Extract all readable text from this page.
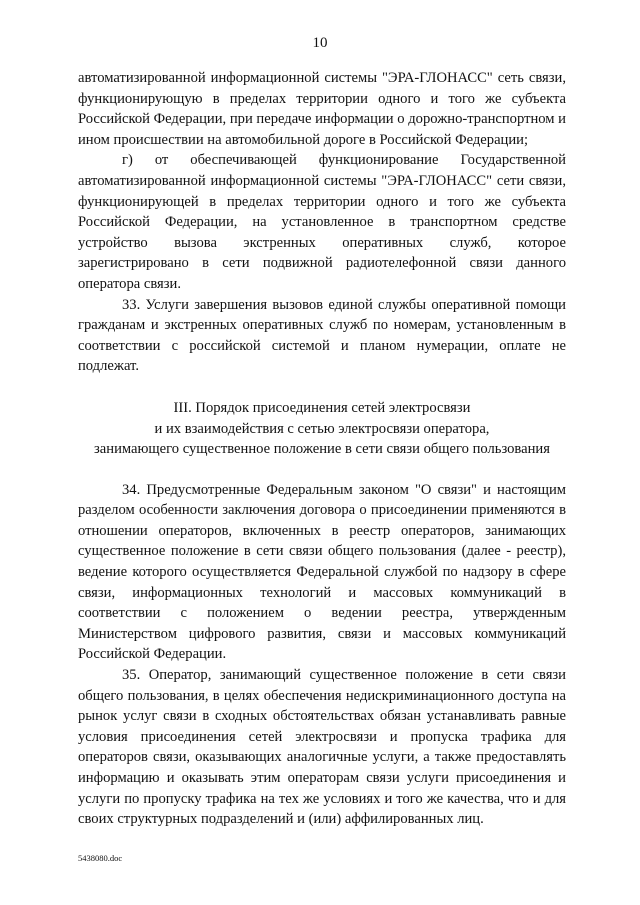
10

автоматизированной информационной системы "ЭРА-ГЛОНАСС" сеть связи, функционирующую в пределах территории одного и того же субъекта Российской Федерации, при передаче информации о дорожно-транспортном и ином происшествии на автомобильной дороге в Российской Федерации;

г) от обеспечивающей функционирование Государственной автоматизированной информационной системы "ЭРА-ГЛОНАСС" сети связи, функционирующей в пределах территории одного и того же субъекта Российской Федерации, на установленное в транспортном средстве устройство вызова экстренных оперативных служб, которое зарегистрировано в сети подвижной радиотелефонной связи данного оператора связи.

33. Услуги завершения вызовов единой службы оперативной помощи гражданам и экстренных оперативных служб по номерам, установленным в соответствии с российской системой и планом нумерации, оплате не подлежат.

III. Порядок присоединения сетей электросвязи
и их взаимодействия с сетью электросвязи оператора,
занимающего существенное положение в сети связи общего пользования

34. Предусмотренные Федеральным законом "О связи" и настоящим разделом особенности заключения договора о присоединении применяются в отношении операторов, включенных в реестр операторов, занимающих существенное положение в сети связи общего пользования (далее - реестр), ведение которого осуществляется Федеральной службой по надзору в сфере связи, информационных технологий и массовых коммуникаций в соответствии с положением о ведении реестра, утвержденным Министерством цифрового развития, связи и массовых коммуникаций Российской Федерации.

35. Оператор, занимающий существенное положение в сети связи общего пользования, в целях обеспечения недискриминационного доступа на рынок услуг связи в сходных обстоятельствах обязан устанавливать равные условия присоединения сетей электросвязи и пропуска трафика для операторов связи, оказывающих аналогичные услуги, а также предоставлять информацию и оказывать этим операторам связи услуги присоединения и услуги по пропуску трафика на тех же условиях и того же качества, что и для своих структурных подразделений и (или) аффилированных лиц.

5438080.doc
